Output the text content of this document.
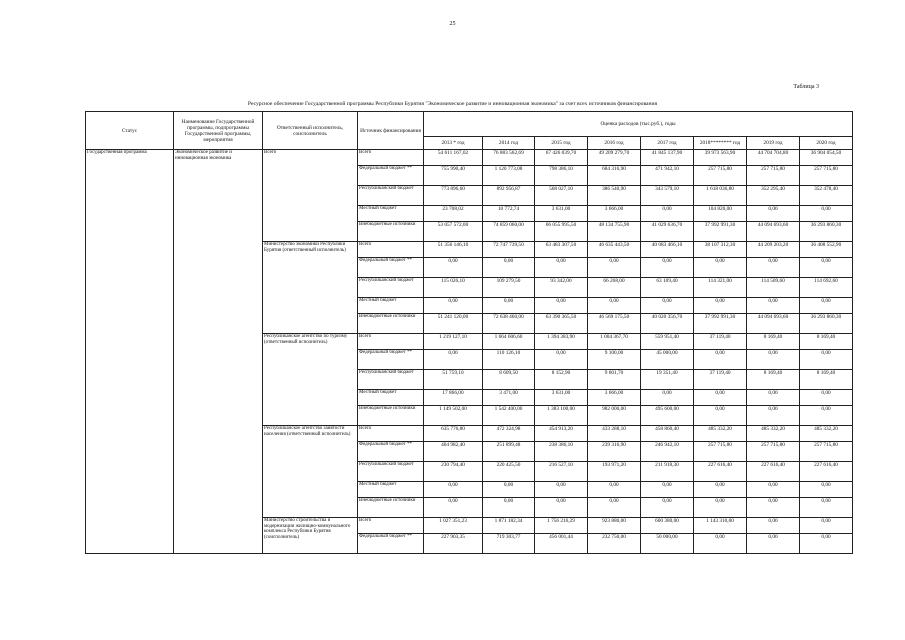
25
Таблица 3
Ресурсное обеспечение Государственной программы Республики Бурятия "Экономическое развитие и инновационная экономика" за счет всех источников финансирования
Статус	Наименование Государственной программы, подпрограммы Государственной программы, мероприятия	Ответственный исполнитель, соисполнитель	Источник финансирования	Оценка расходов (тыс.руб.), годы							
				2013 * год	2014 год	2015 год	2016 год	2017 год	2018******** год	2019 год	2020 год
Государственная программа	Экономическое развитие и инновационная экономика	Всего	Всего	54 611 167,02	76 883 562,69	67 426 039,70	49 209 279,70	41 845 137,90	39 973 563,90	44 704 704,80	36 904 054,50
			Федеральный бюджет **	755 990,40	1 120 773,08	798 386,10	684 316,90	471 942,10	257 715,80	257 715,80	257 715,80
			Республиканский бюджет	773 896,60	892 956,87	568 027,10	386 540,90	343 579,10	1 618 036,80	352 295,40	352 478,40
			Местный бюджет	23 708,02	10 772,74	3 631,00	3 666,00	0,00	104 820,00	0,00	0,00
			Внебюджетные источники	53 057 572,00	74 859 060,00	66 055 995,50	48 134 755,90	41 029 636,70	37 992 991,30	44 094 693,60	36 293 860,30
		Министерство экономики Республики Бурятия (ответственный исполнитель)	Всего	51 356 146,10	72 747 739,50	63 483 307,50	46 635 443,50	40 083 466,10	38 107 312,30	44 209 203,20	36 408 552,90
			Федеральный бюджет **	0,00	0,00	0,00	0,00	0,00	0,00	0,00	0,00
			Республиканский бюджет	115 026,10	109 279,50	93 342,00	66 268,00	63 109,40	114 321,00	114 509,60	114 692,60
			Местный бюджет	0,00	0,00	0,00	0,00	0,00	0,00	0,00	0,00
			Внебюджетные источники	51 241 120,00	72 638 460,00	63 390 365,50	46 569 175,50	40 020 356,70	37 992 991,30	44 094 693,60	36 293 860,30
		Республиканское агентство по туризму (ответственный исполнитель)	Всего	1 219 127,10	1 664 606,60	1 394 383,90	1 004 367,70	559 951,40	37 119,40	8 169,40	8 169,40
			Федеральный бюджет **	0,00	110 126,10	0,00	9 100,00	45 000,00	0,00	0,00	0,00
			Республиканский бюджет	51 759,10	8 609,50	8 152,90	9 601,70	19 351,40	37 119,40	8 169,40	8 169,40
			Местный бюджет	17 866,00	3 471,00	3 631,00	3 666,00	0,00	0,00	0,00	0,00
			Внебюджетные источники	1 149 502,00	1 542 400,00	1 383 100,00	982 000,00	495 600,00	0,00	0,00	0,00
		Республиканское агентство занятости населения (ответственный исполнитель)	Всего	635 776,80	472 324,98	454 913,20	433 288,10	458 860,40	485 332,20	485 332,20	485 332,20
			Федеральный бюджет **	404 982,40	251 899,48	238 386,10	239 316,90	246 942,10	257 715,80	257 715,80	257 715,80
			Республиканский бюджет	230 794,40	220 425,50	216 527,10	193 971,20	211 918,30	227 616,40	227 616,40	227 616,40
			Местный бюджет	0,00	0,00	0,00	0,00	0,00	0,00	0,00	0,00
			Внебюджетные источники	0,00	0,00	0,00	0,00	0,00	0,00	0,00	0,00
		Министерство строительства и модернизации жилищно-коммунального комплекса Республики Бурятия (соисполнитель)	Всего	1 027 351,23	1 871 182,34	1 756 216,29	923 880,00	600 380,00	1 143 310,00	0,00	0,00
			Федеральный бюджет **	227 903,35	719 303,77	456 001,44	232 750,00	50 000,00	0,00	0,00	0,00
